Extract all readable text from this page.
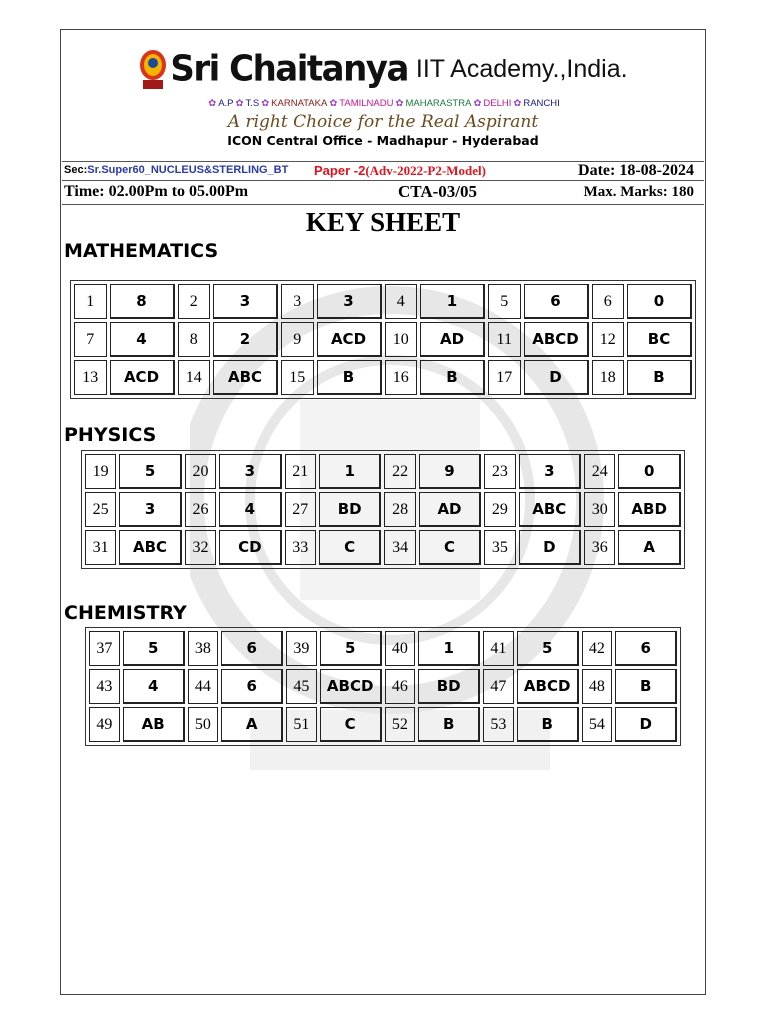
Sri Chaitanya IIT Academy.,India.
✿ A.P ✿ T.S ✿ KARNATAKA ✿ TAMILNADU ✿ MAHARASTRA ✿ DELHI ✿ RANCHI
A right Choice for the Real Aspirant
ICON Central Office - Madhapur - Hyderabad
Sec:Sr.Super60_NUCLEUS&STERLING_BT Paper -2(Adv-2022-P2-Model)	Date: 18-08-2024
Time: 02.00Pm to 05.00Pm	CTA-03/05	Max. Marks: 180
KEY SHEET
MATHEMATICS
1	8	2	3	3	3	4	1	5	6	6	0
7	4	8	2	9	ACD	10	AD	11	ABCD	12	BC
13	ACD	14	ABC	15	B	16	B	17	D	18	B
PHYSICS
19	5	20	3	21	1	22	9	23	3	24	0
25	3	26	4	27	BD	28	AD	29	ABC	30	ABD
31	ABC	32	CD	33	C	34	C	35	D	36	A
CHEMISTRY
37	5	38	6	39	5	40	1	41	5	42	6
43	4	44	6	45	ABCD	46	BD	47	ABCD	48	B
49	AB	50	A	51	C	52	B	53	B	54	D
